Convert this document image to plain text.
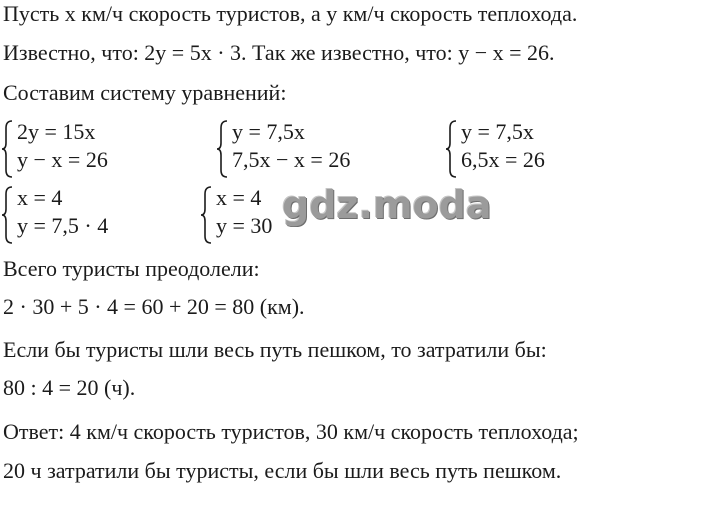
Пусть x км/ч скорость туристов, а y км/ч скорость теплохода.
Известно, что: 2y = 5x · 3. Так же известно, что: y − x = 26.
Составим систему уравнений:
2y = 15x
y − x = 26
y = 7,5x
7,5x − x = 26
y = 7,5x
6,5x = 26
x = 4
y = 7,5 · 4
x = 4
y = 30 gdz.moda
Всего туристы преодолели:
2 · 30 + 5 · 4 = 60 + 20 = 80 (км).
Если бы туристы шли весь путь пешком, то затратили бы:
80 : 4 = 20 (ч).
Ответ: 4 км/ч скорость туристов, 30 км/ч скорость теплохода;
20 ч затратили бы туристы, если бы шли весь путь пешком.
